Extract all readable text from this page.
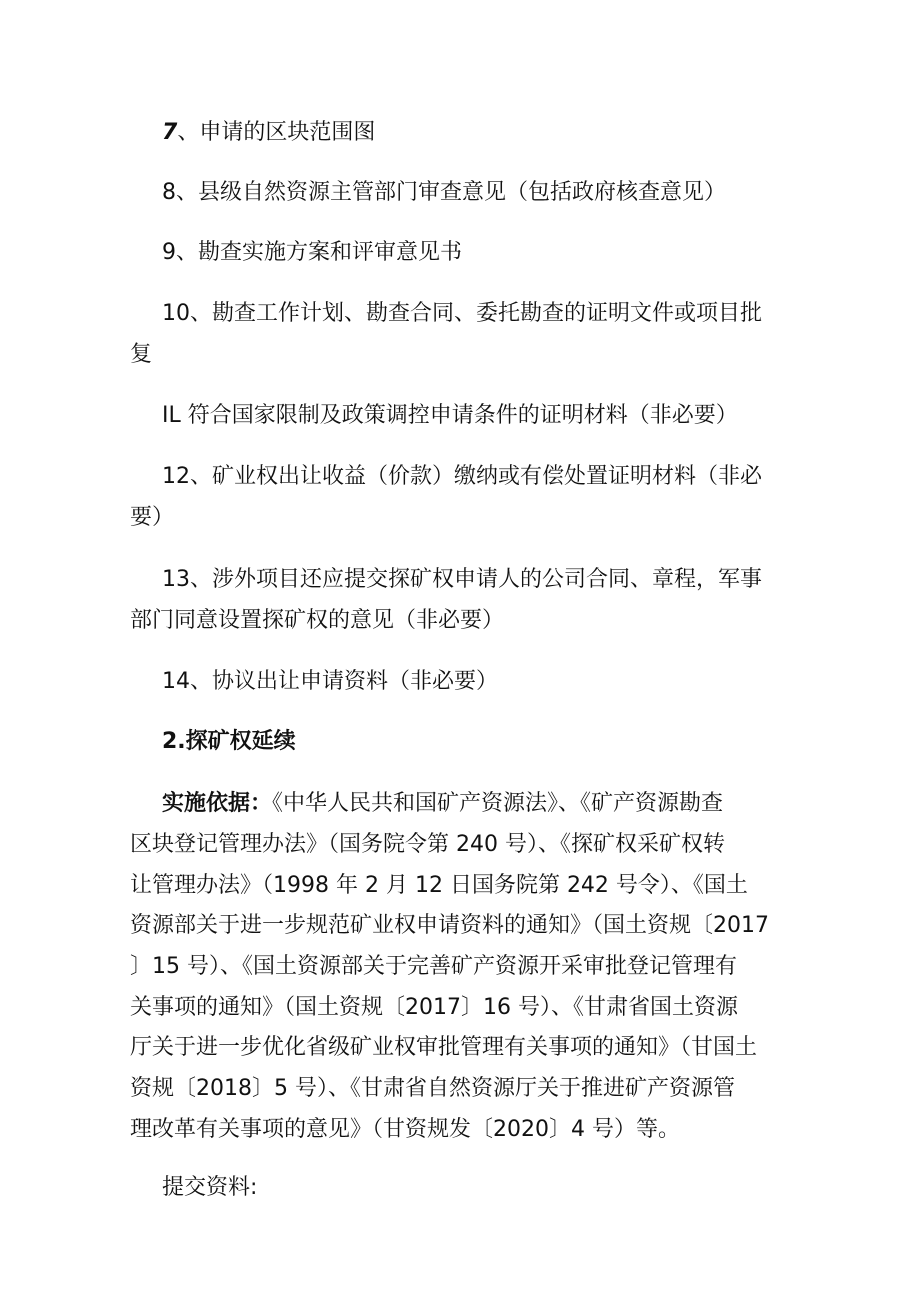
7、申请的区块范围图
8、县级自然资源主管部门审查意见（包括政府核查意见）
9、勘查实施方案和评审意见书
10、勘查工作计划、勘查合同、委托勘查的证明文件或项目批
复
IL 符合国家限制及政策调控申请条件的证明材料（非必要）
12、矿业权出让收益（价款）缴纳或有偿处置证明材料（非必
要）
13、涉外项目还应提交探矿权申请人的公司合同、章程，军事
部门同意设置探矿权的意见（非必要）
14、协议出让申请资料（非必要）
2.探矿权延续
实施依据：《中华人民共和国矿产资源法》、《矿产资源勘查
区块登记管理办法》（国务院令第 240 号）、《探矿权采矿权转
让管理办法》（1998 年 2 月 12 日国务院第 242 号令）、《国土
资源部关于进一步规范矿业权申请资料的通知》（国土资规〔2017
〕15 号）、《国土资源部关于完善矿产资源开采审批登记管理有
关事项的通知》（国土资规〔2017〕16 号）、《甘肃省国土资源
厅关于进一步优化省级矿业权审批管理有关事项的通知》（甘国土
资规〔2018〕5 号）、《甘肃省自然资源厅关于推进矿产资源管
理改革有关事项的意见》（甘资规发〔2020〕4 号）等。
提交资料:
